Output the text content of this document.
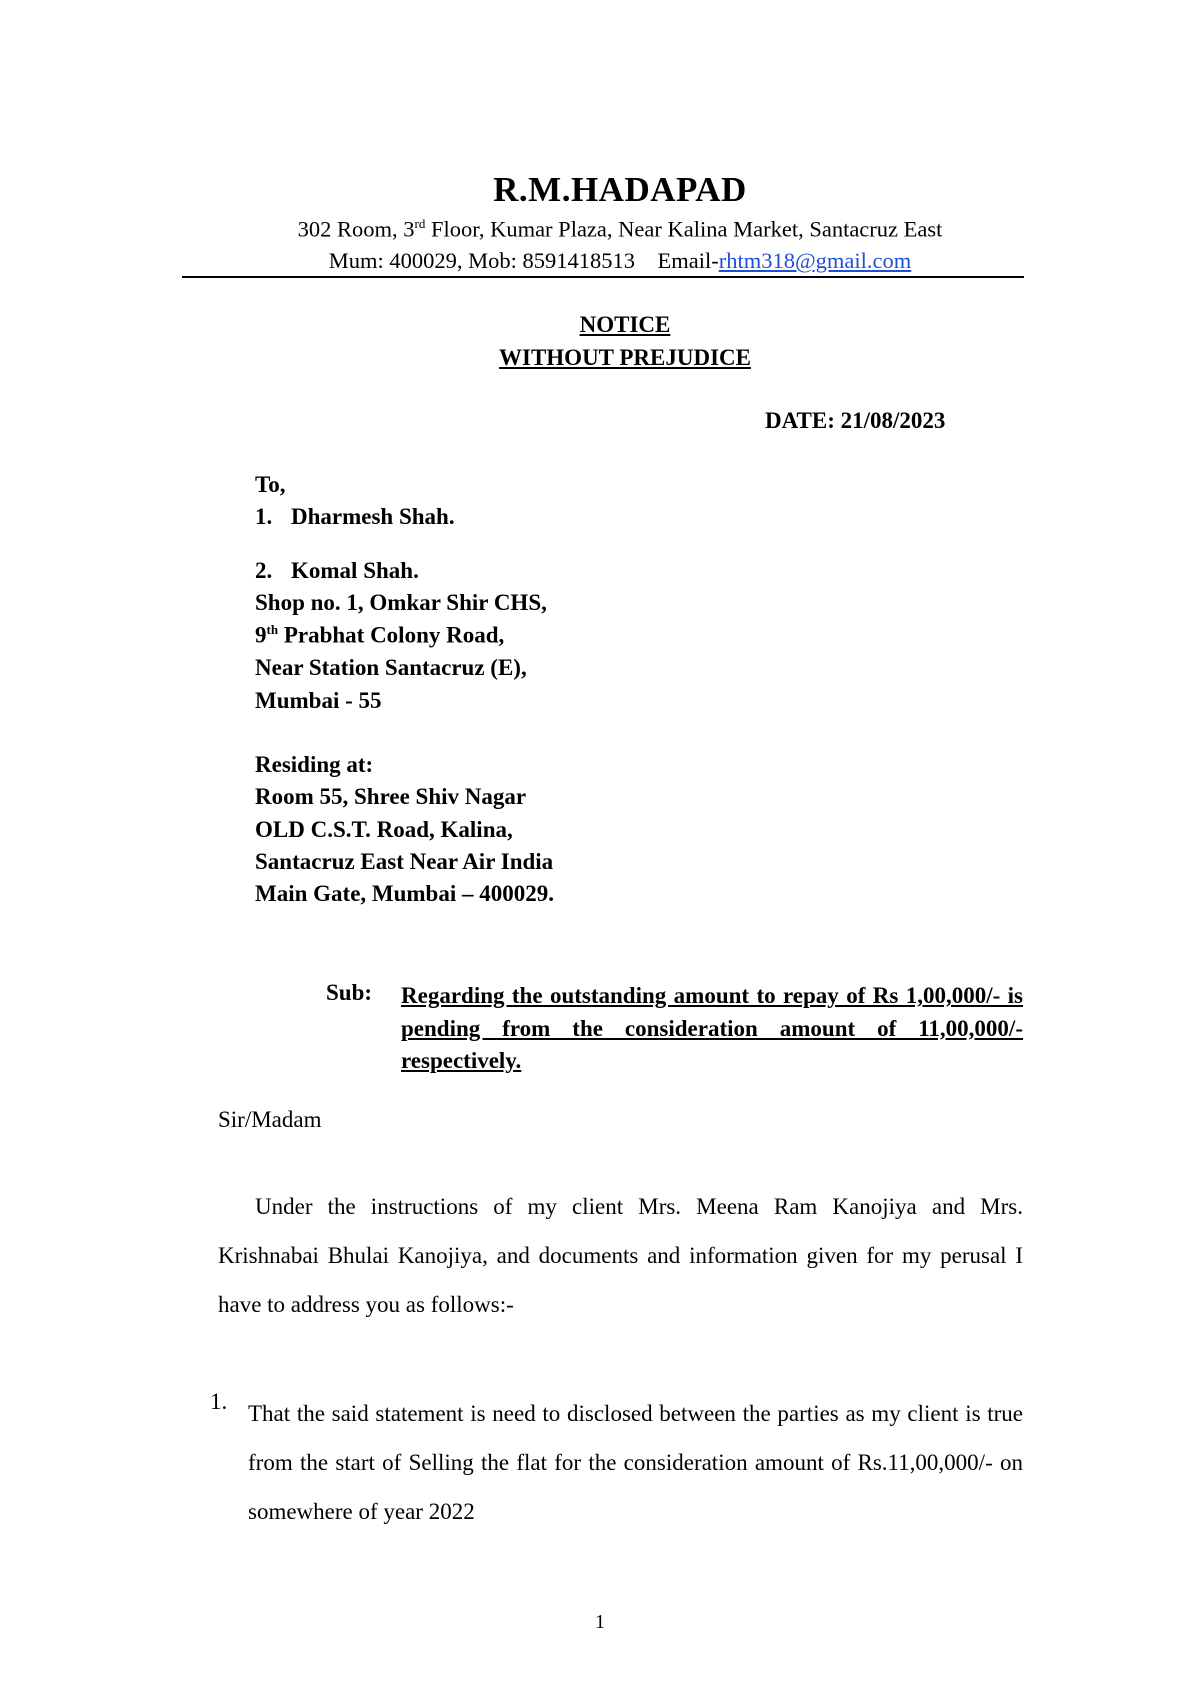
R.M.HADAPAD
302 Room, 3rd Floor, Kumar Plaza, Near Kalina Market, Santacruz East
Mum: 400029, Mob: 8591418513    Email-rhtm318@gmail.com
NOTICE
WITHOUT PREJUDICE
DATE: 21/08/2023
To,
1. Dharmesh Shah.
2. Komal Shah.
Shop no. 1, Omkar Shir CHS,
9th Prabhat Colony Road,
Near Station Santacruz (E),
Mumbai - 55
Residing at:
Room 55, Shree Shiv Nagar
OLD C.S.T. Road, Kalina,
Santacruz East Near Air India
Main Gate, Mumbai – 400029.
Sub: Regarding the outstanding amount to repay of Rs 1,00,000/- is pending from the consideration amount of 11,00,000/- respectively.
Sir/Madam
Under the instructions of my client Mrs. Meena Ram Kanojiya and Mrs. Krishnabai Bhulai Kanojiya, and documents and information given for my perusal I have to address you as follows:-
1. That the said statement is need to disclosed between the parties as my client is true from the start of Selling the flat for the consideration amount of Rs.11,00,000/- on somewhere of year 2022
1
